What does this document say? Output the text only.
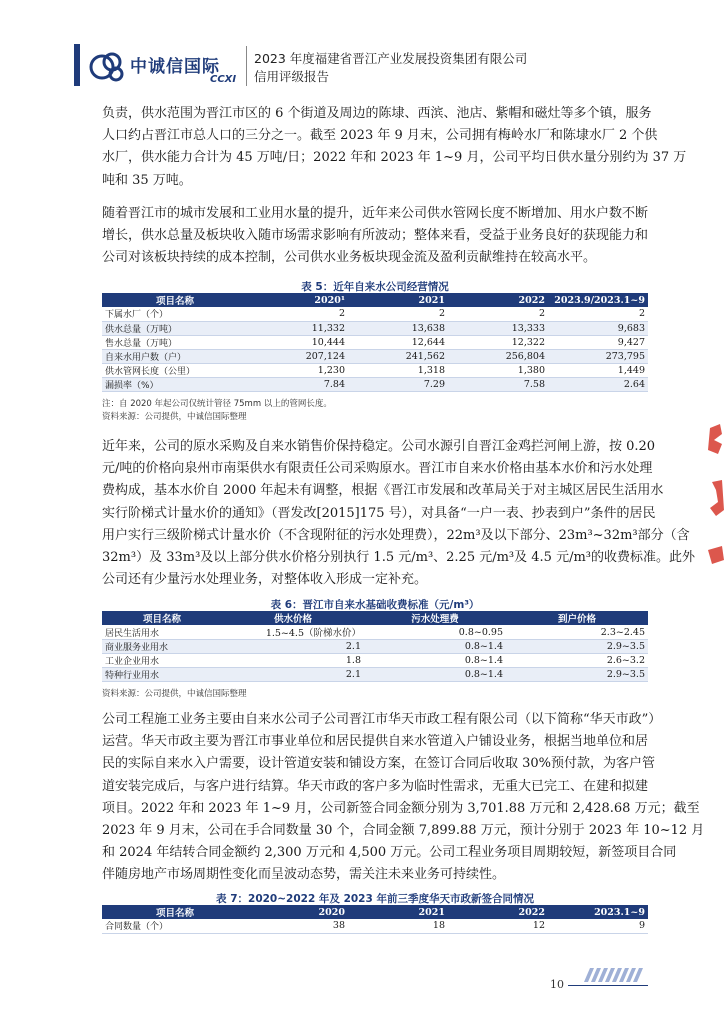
中诚信国际
CCXI
2023 年度福建省晋江产业发展投资集团有限公司
信用评级报告
负责，供水范围为晋江市区的 6 个街道及周边的陈埭、西滨、池店、紫帽和磁灶等多个镇，服务
人口约占晋江市总人口的三分之一。截至 2023 年 9 月末，公司拥有梅岭水厂和陈埭水厂 2 个供
水厂，供水能力合计为 45 万吨/日；2022 年和 2023 年 1~9 月，公司平均日供水量分别约为 37 万
吨和 35 万吨。
随着晋江市的城市发展和工业用水量的提升，近年来公司供水管网长度不断增加、用水户数不断
增长，供水总量及板块收入随市场需求影响有所波动；整体来看，受益于业务良好的获现能力和
公司对该板块持续的成本控制，公司供水业务板块现金流及盈利贡献维持在较高水平。
表 5：近年自来水公司经营情况
项目名称	2020¹	2021	2022	2023.9/2023.1~9
下属水厂（个）	2	2	2	2
供水总量（万吨）	11,332	13,638	13,333	9,683
售水总量（万吨）	10,444	12,644	12,322	9,427
自来水用户数（户）	207,124	241,562	256,804	273,795
供水管网长度（公里）	1,230	1,318	1,380	1,449
漏损率（%）	7.84	7.29	7.58	2.64
注：自 2020 年起公司仅统计管径 75mm 以上的管网长度。
资料来源：公司提供，中诚信国际整理
近年来，公司的原水采购及自来水销售价保持稳定。公司水源引自晋江金鸡拦河闸上游，按 0.20
元/吨的价格向泉州市南渠供水有限责任公司采购原水。晋江市自来水价格由基本水价和污水处理
费构成，基本水价自 2000 年起未有调整，根据《晋江市发展和改革局关于对主城区居民生活用水
实行阶梯式计量水价的通知》（晋发改[2015]175 号），对具备“一户一表、抄表到户”条件的居民
用户实行三级阶梯式计量水价（不含现附征的污水处理费），22m³及以下部分、23m³~32m³部分（含
32m³）及 33m³及以上部分供水价格分别执行 1.5 元/m³、2.25 元/m³及 4.5 元/m³的收费标准。此外
公司还有少量污水处理业务，对整体收入形成一定补充。
表 6：晋江市自来水基础收费标准（元/m³）
项目名称	供水价格	污水处理费	到户价格
居民生活用水	1.5~4.5（阶梯水价）	0.8~0.95	2.3~2.45
商业服务业用水	2.1	0.8~1.4	2.9~3.5
工业企业用水	1.8	0.8~1.4	2.6~3.2
特种行业用水	2.1	0.8~1.4	2.9~3.5
资料来源：公司提供，中诚信国际整理
公司工程施工业务主要由自来水公司子公司晋江市华天市政工程有限公司（以下简称“华天市政”）
运营。华天市政主要为晋江市事业单位和居民提供自来水管道入户铺设业务，根据当地单位和居
民的实际自来水入户需要，设计管道安装和铺设方案，在签订合同后收取 30%预付款，为客户管
道安装完成后，与客户进行结算。华天市政的客户多为临时性需求，无重大已完工、在建和拟建
项目。2022 年和 2023 年 1~9 月，公司新签合同金额分别为 3,701.88 万元和 2,428.68 万元；截至
2023 年 9 月末，公司在手合同数量 30 个，合同金额 7,899.88 万元，预计分别于 2023 年 10~12 月
和 2024 年结转合同金额约 2,300 万元和 4,500 万元。公司工程业务项目周期较短，新签项目合同
伴随房地产市场周期性变化而呈波动态势，需关注未来业务可持续性。
表 7：2020~2022 年及 2023 年前三季度华天市政新签合同情况
项目名称	2020	2021	2022	2023.1~9
合同数量（个）	38	18	12	9
10
